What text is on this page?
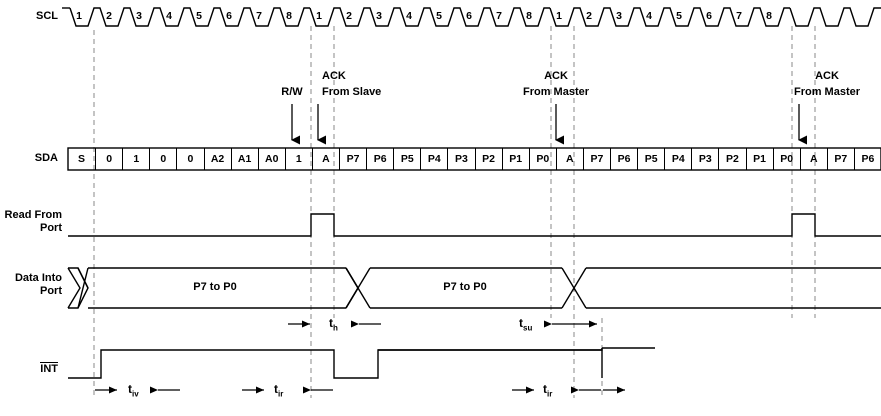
SCL
SDA
Read From
Port
Data Into
Port
INT
1	2	3	4	5	6	7	8	1	2	3	4	5	6	7	8	1	2	3	4	5	6	7	8
S	0	1	0	0	A2	A1	A0	1	A	P7	P6	P5	P4	P3	P2	P1	P0	A	P7	P6	P5	P4	P3	P2	P1	P0	A	P7	P6
R/W
ACK
From Slave
ACK
From Master
ACK
From Master
P7 to P0	P7 to P0
$t_h$	$t_{su}$
$t_{iv}$	$t_{ir}$	$t_{ir}$
